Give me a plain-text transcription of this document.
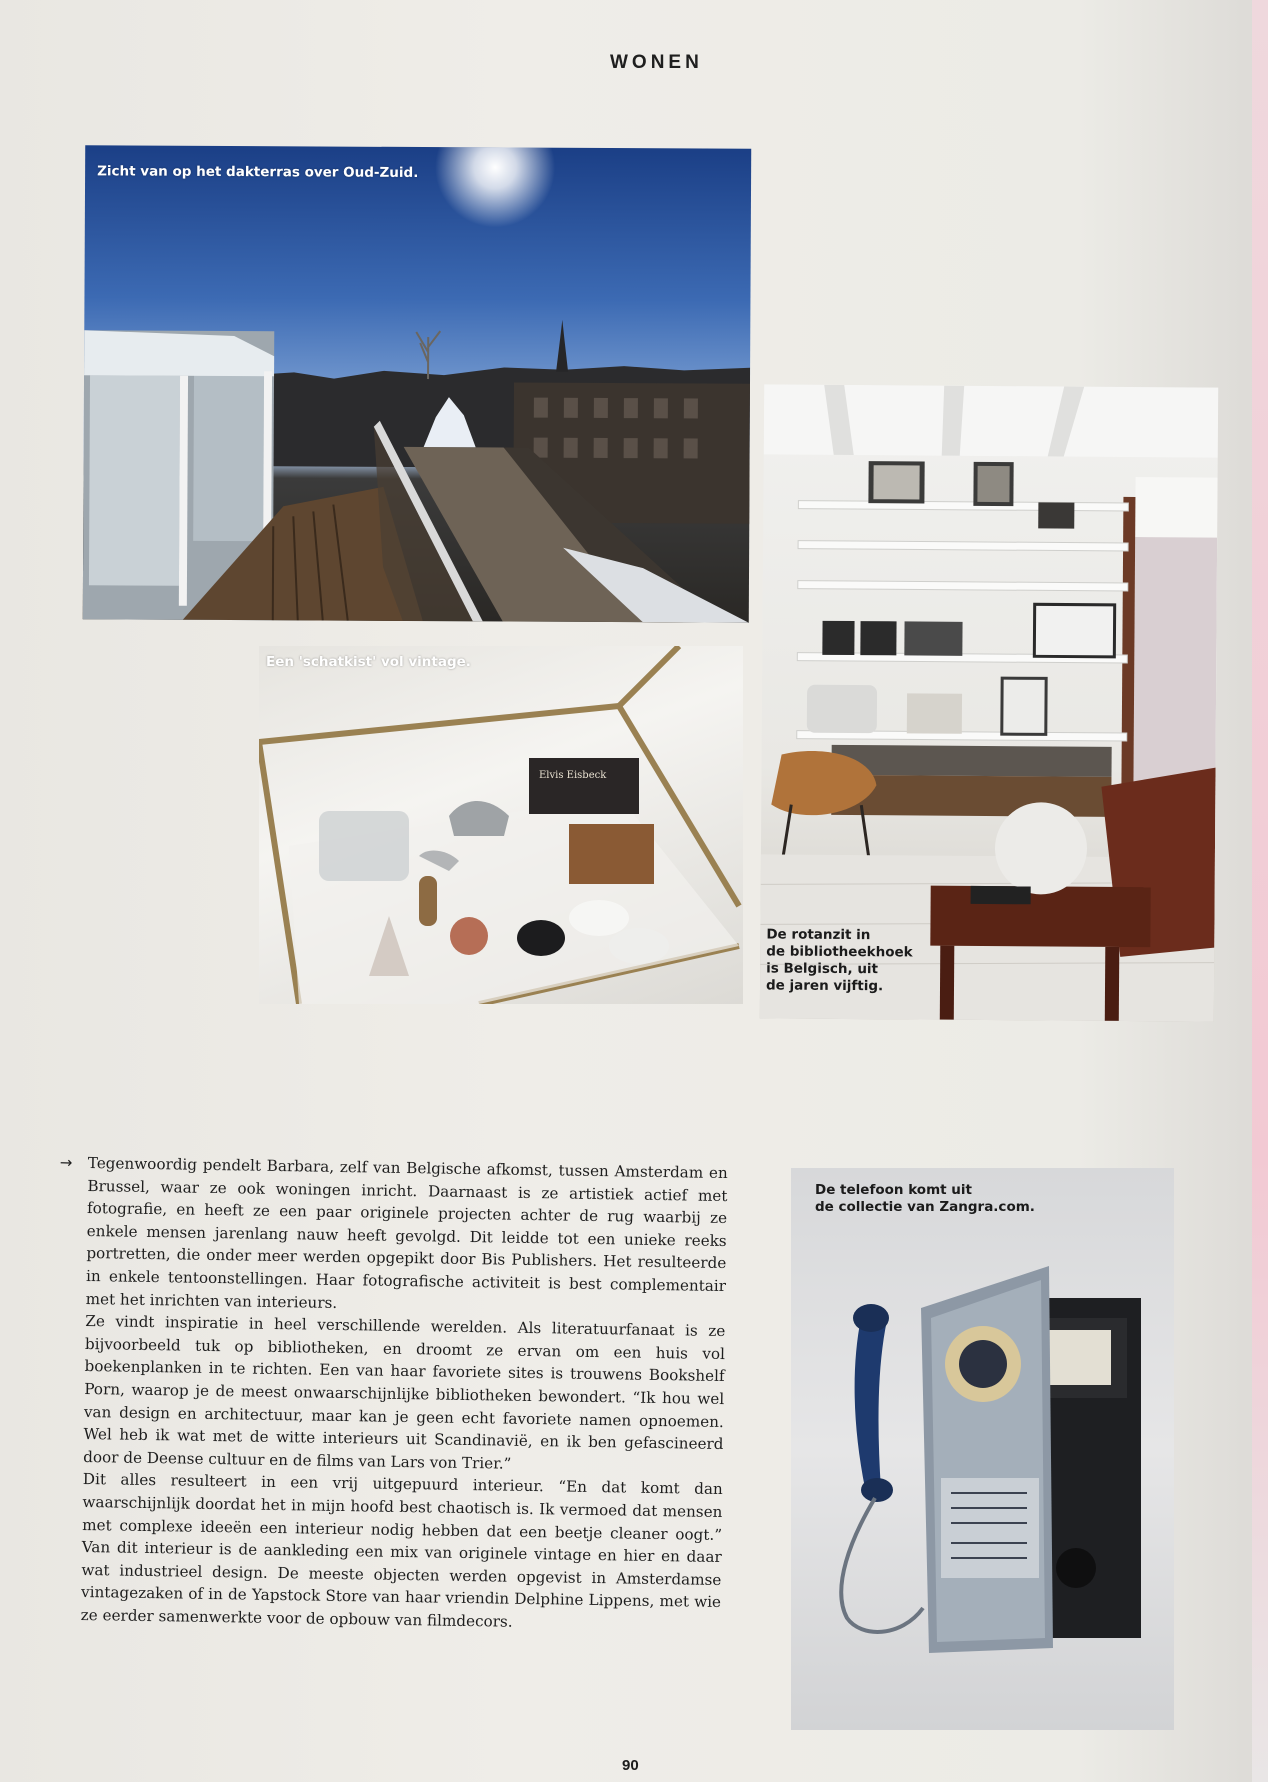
WONEN
Zicht van op het dakterras over Oud-Zuid.
Een 'schatkist' vol vintage.
Elvis Eisbeck
De rotanzit in
de bibliotheekhoek
is Belgisch, uit
de jaren vijftig.
→ Tegenwoordig pendelt Barbara, zelf van Belgische afkomst, tussen Amsterdam en Brussel, waar ze ook woningen inricht. Daarnaast is ze artistiek actief met fotografie, en heeft ze een paar originele projecten achter de rug waarbij ze enkele mensen jarenlang nauw heeft gevolgd. Dit leidde tot een unieke reeks portretten, die onder meer werden opgepikt door Bis Publishers. Het resulteerde in enkele tentoonstellingen. Haar fotografische activiteit is best complementair met het inrichten van interieurs.

Ze vindt inspiratie in heel verschillende werelden. Als literatuurfanaat is ze bijvoorbeeld tuk op bibliotheken, en droomt ze ervan om een huis vol boekenplanken in te richten. Een van haar favoriete sites is trouwens Bookshelf Porn, waarop je de meest onwaarschijnlijke bibliotheken bewondert. “Ik hou wel van design en architectuur, maar kan je geen echt favoriete namen opnoemen. Wel heb ik wat met de witte interieurs uit Scandinavië, en ik ben gefascineerd door de Deense cultuur en de films van Lars von Trier.”

Dit alles resulteert in een vrij uitgepuurd interieur. “En dat komt dan waarschijnlijk doordat het in mijn hoofd best chaotisch is. Ik vermoed dat mensen met complexe ideeën een interieur nodig hebben dat een beetje cleaner oogt.” Van dit interieur is de aankleding een mix van originele vintage en hier en daar wat industrieel design. De meeste objecten werden opgevist in Amsterdamse vintagezaken of in de Yapstock Store van haar vriendin Delphine Lippens, met wie ze eerder samenwerkte voor de opbouw van filmdecors.

De telefoon komt uit
de collectie van Zangra.com.
90
